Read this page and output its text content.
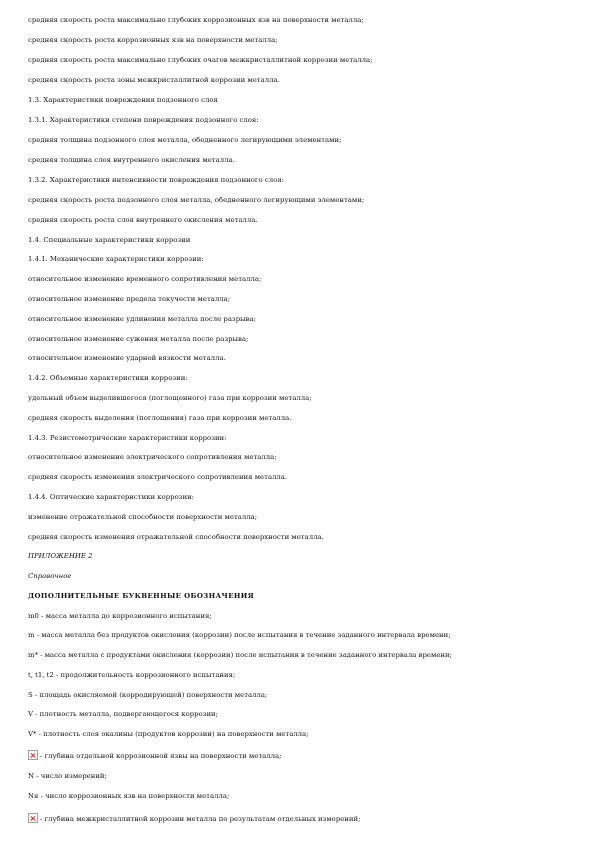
средняя скорость роста максимально глубоких коррозионных язв на поверхности металла;
средняя скорость роста коррозионных язв на поверхности металла;
средняя скорость роста максимально глубоких очагов межкристаллитной коррозии металла;
средняя скорость роста зоны межкристаллитной коррозии металла.
1.3. Характеристики повреждения подзонного слоя
1.3.1. Характеристики степени повреждения подзонного слоя:
средняя толщина подзонного слоя металла, обедненного легирующими элементами;
средняя толщина слоя внутреннего окисления металла.
1.3.2. Характеристики интенсивности повреждения подзонного слоя:
средняя скорость роста подзонного слоя металла, обедненного легирующими элементами;
средняя скорость роста слоя внутреннего окисления металла.
1.4. Специальные характеристики коррозии
1.4.1. Механические характеристики коррозии:
относительное изменение временного сопротивления металла;
относительное изменение предела текучести металла;
относительное изменение удлинения металла после разрыва;
относительное изменение сужения металла после разрыва;
относительное изменение ударной вязкости металла.
1.4.2. Объемные характеристики коррозии:
удельный объем выделившегося (поглощенного) газа при коррозии металла;
средняя скорость выделения (поглощения) газа при коррозии металла.
1.4.3. Резистометрические характеристики коррозии:
относительное изменение электрического сопротивления металла;
средняя скорость изменения электрического сопротивления металла.
1.4.4. Оптические характеристики коррозии:
изменение отражательной способности поверхности металла;
средняя скорость изменения отражательной способности поверхности металла.
ПРИЛОЖЕНИЕ 2
Справочное
ДОПОЛНИТЕЛЬНЫЕ БУКВЕННЫЕ ОБОЗНАЧЕНИЯ
m0 - масса металла до коррозионного испытания;
m - масса металла без продуктов окисления (коррозии) после испытания в течение заданного интервала времени;
m* - масса металла с продуктами окисления (коррозии) после испытания в течение заданного интервала времени;
t, t1, t2 - продолжительность коррозионного испытания;
S - площадь окисляемой (корродирующей) поверхности металла;
V - плотность металла, подвергающегося коррозии;
V* - плотность слоя окалины (продуктов коррозии) на поверхности металла;
- глубина отдельной коррозионной язвы на поверхности металла;
N - число измерений;
Nя - число коррозионных язв на поверхности металла;
- глубина межкристаллитной коррозии металла по результатам отдельных измерений;
